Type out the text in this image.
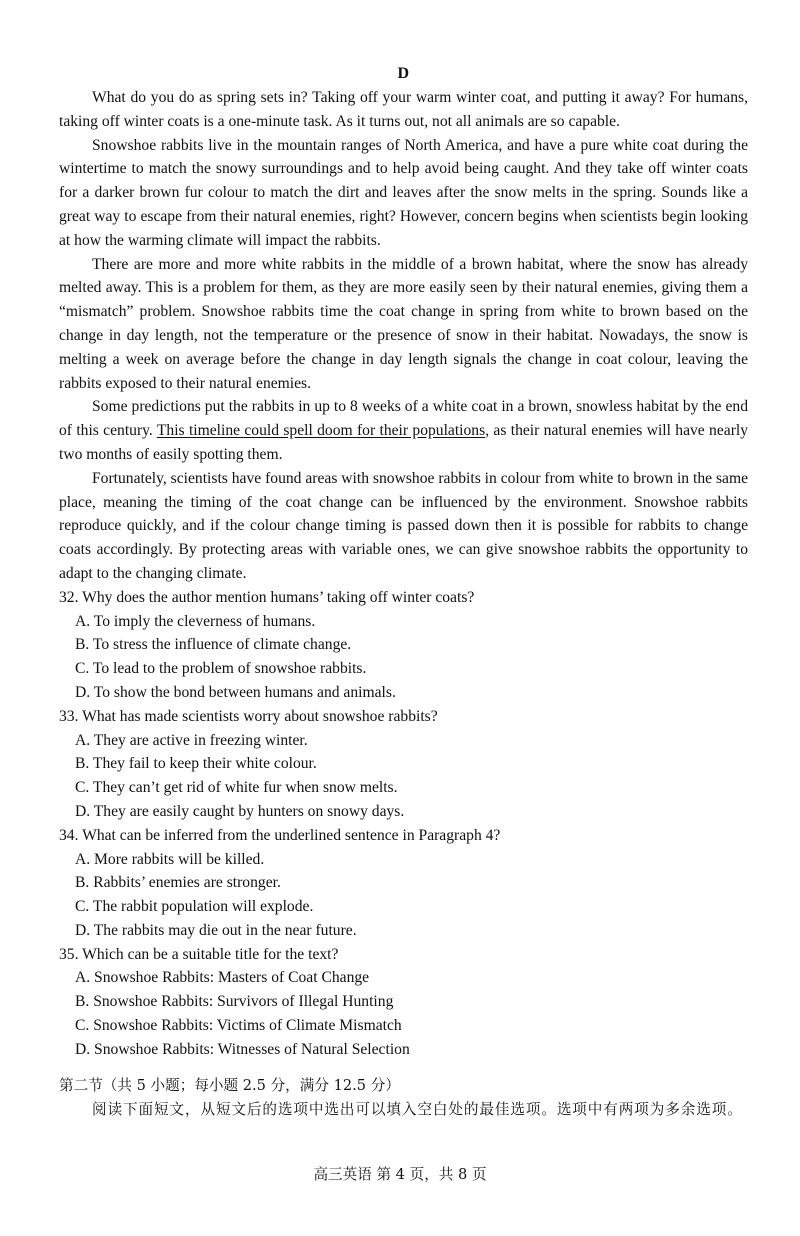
D

What do you do as spring sets in? Taking off your warm winter coat, and putting it away? For humans, taking off winter coats is a one-minute task. As it turns out, not all animals are so capable.

Snowshoe rabbits live in the mountain ranges of North America, and have a pure white coat during the wintertime to match the snowy surroundings and to help avoid being caught. And they take off winter coats for a darker brown fur colour to match the dirt and leaves after the snow melts in the spring. Sounds like a great way to escape from their natural enemies, right? However, concern begins when scientists begin looking at how the warming climate will impact the rabbits.

There are more and more white rabbits in the middle of a brown habitat, where the snow has already melted away. This is a problem for them, as they are more easily seen by their natural enemies, giving them a “mismatch” problem. Snowshoe rabbits time the coat change in spring from white to brown based on the change in day length, not the temperature or the presence of snow in their habitat. Nowadays, the snow is melting a week on average before the change in day length signals the change in coat colour, leaving the rabbits exposed to their natural enemies.

Some predictions put the rabbits in up to 8 weeks of a white coat in a brown, snowless habitat by the end of this century. This timeline could spell doom for their populations, as their natural enemies will have nearly two months of easily spotting them.

Fortunately, scientists have found areas with snowshoe rabbits in colour from white to brown in the same place, meaning the timing of the coat change can be influenced by the environment. Snowshoe rabbits reproduce quickly, and if the colour change timing is passed down then it is possible for rabbits to change coats accordingly. By protecting areas with variable ones, we can give snowshoe rabbits the opportunity to adapt to the changing climate.

32. Why does the author mention humans’ taking off winter coats?

A. To imply the cleverness of humans.

B. To stress the influence of climate change.

C. To lead to the problem of snowshoe rabbits.

D. To show the bond between humans and animals.

33. What has made scientists worry about snowshoe rabbits?

A. They are active in freezing winter.

B. They fail to keep their white colour.

C. They can’t get rid of white fur when snow melts.

D. They are easily caught by hunters on snowy days.

34. What can be inferred from the underlined sentence in Paragraph 4?

A. More rabbits will be killed.

B. Rabbits’ enemies are stronger.

C. The rabbit population will explode.

D. The rabbits may die out in the near future.

35. Which can be a suitable title for the text?

A. Snowshoe Rabbits: Masters of Coat Change

B. Snowshoe Rabbits: Survivors of Illegal Hunting

C. Snowshoe Rabbits: Victims of Climate Mismatch

D. Snowshoe Rabbits: Witnesses of Natural Selection

第二节（共 5 小题；每小题 2.5 分，满分 12.5 分）

阅读下面短文，从短文后的选项中选出可以填入空白处的最佳选项。选项中有两项为多余选项。

高三英语 第 4 页，共 8 页
